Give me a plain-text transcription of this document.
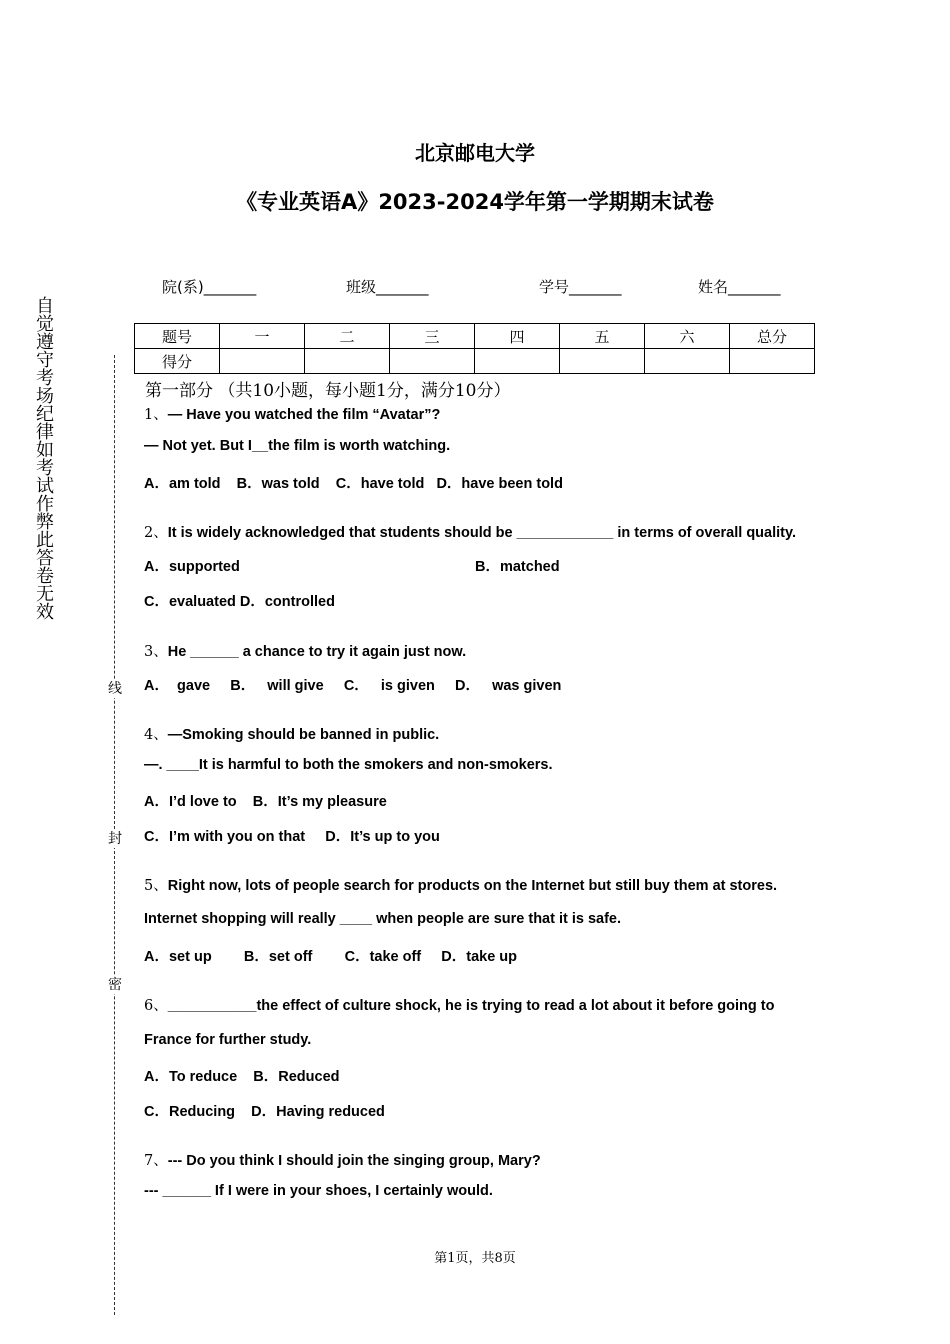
北京邮电大学
《专业英语A》2023-2024学年第一学期期末试卷
自觉遵守考场纪律如考试作弊此答卷无效
线
封
密
院(系)_______	班级_______	学号_______	姓名_______
题号	一	二	三	四	五	六	总分
得分							
第一部分 （共10小题，每小题1分，满分10分）
1、— Have you watched the film “Avatar”?
— Not yet. But I__the film is worth watching.
A．am told    B．was told    C．have told   D．have been told
2、It is widely acknowledged that students should be ____________ in terms of overall quality.
A．supported	B．matched
C．evaluated D．controlled
3、He ______ a chance to try it again just now.
A．  gave     B．   will give     C．   is given     D．   was given
4、—Smoking should be banned in public.
—. ____It is harmful to both the smokers and non-smokers.
A．I’d love to    B．It’s my pleasure
C．I’m with you on that     D．It’s up to you
5、Right now, lots of people search for products on the Internet but still buy them at stores.
Internet shopping will really ____ when people are sure that it is safe.
A．set up        B．set off        C．take off     D．take up
6、___________the effect of culture shock, he is trying to read a lot about it before going to
France for further study.
A．To reduce    B．Reduced
C．Reducing    D．Having reduced
7、--- Do you think I should join the singing group, Mary?
--- ______ If I were in your shoes, I certainly would.
第1页，共8页
